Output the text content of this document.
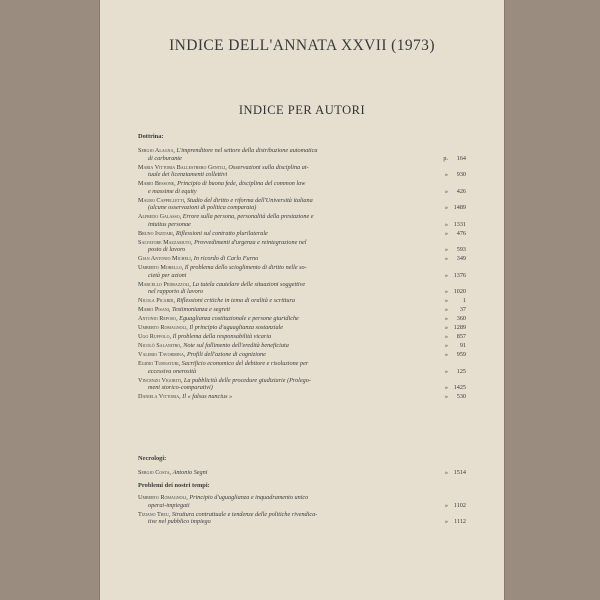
INDICE DELL'ANNATA XXVII (1973)
INDICE PER AUTORI
Dottrina:
Sergio Alagna, L'imprenditore nel settore della distribuzione automatica
di carburante	p.	164
Maria Vittoria Ballestrero Gentili, Osservazioni sulla disciplina at-
tuale dei licenziamenti collettivi	»	930
Mario Bessone, Principio di buona fede, disciplina del common law
e massime di equity	»	426
Mauro Cappelletti, Studio del diritto e riforma dell'Università italiana
(alcune osservazioni di politica comparata)	» 1489
Alfredo Galasso, Errore sulla persona, personalità della prestazione e
intuitus personae	» 1331
Bruno Inzitari, Riflessioni sul contratto plurilaterale	»	476
Salvatore Mazzamuto, Provvedimenti d'urgenza e reintegrazione nel
posto di lavoro	»	593
Gian Antonio Micheli, In ricordo di Carlo Furno	»	349
Umberto Morello, Il problema dello scioglimento di diritto nelle so-
cietà per azioni	» 1376
Marcello Pedrazzoli, La tutela cautelare delle situazioni soggettive
nel rapporto di lavoro	» 1020
Nicola Picardi, Riflessioni critiche in tema di oralità e scrittura	»	1
Mario Pisani, Testimonianza e segreti	»	37
Antonio Reposo, Eguaglianza costituzionale e persone giuridiche	»	360
Umberto Romagnoli, Il principio d'uguaglianza sostanziale	» 1289
Ugo Ruffolo, Il problema della responsabilità vicaria	»	857
Nicolò Salanitro, Note sul fallimento dell'eredità beneficiata	»	91
Valerio Tavormina, Profili dell'azione di cognizione	»	959
Egidio Turnaturi, Sacrificio economico del debitore e risoluzione per
eccessiva onerosità	»	125
Vincenzo Vigoriti, La pubblicità delle procedure giudiziarie (Prolego-
meni storico-comparativi)	» 1425
Daniela Vittoria, Il « falsus nuncius »	»	530
Necrologi:
Sergio Costa, Antonio Segni	» 1514
Problemi dei nostri tempi:
Umberto Romagnoli, Principio d'uguaglianza e inquadramento unico
operai-impiegati	» 1102
Tiziano Treu, Struttura contrattuale e tendenze delle politiche rivendica-
tive nel pubblico impiego	» 1112
